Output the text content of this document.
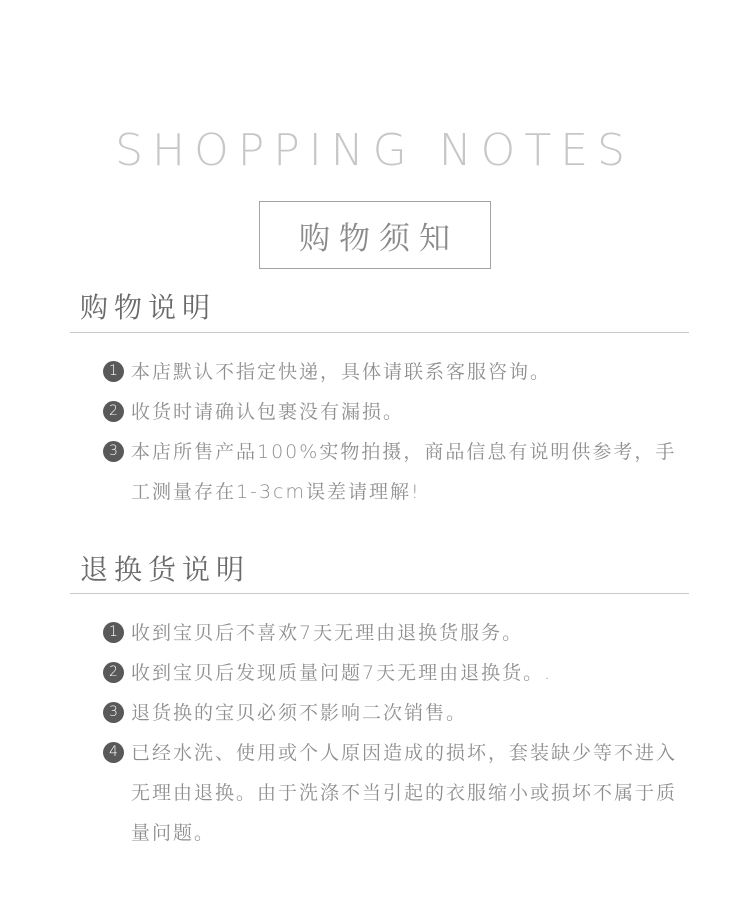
SHOPPING NOTES
购物须知
购物说明
1 本店默认不指定快递，具体请联系客服咨询。
2 收货时请确认包裹没有漏损。
3 本店所售产品100%实物拍摄，商品信息有说明供参考，手工测量存在1-3cm误差请理解!
退换货说明
1 收到宝贝后不喜欢7天无理由退换货服务。
2 收到宝贝后发现质量问题7天无理由退换货。.
3 退货换的宝贝必须不影响二次销售。
4 已经水洗、使用或个人原因造成的损坏，套装缺少等不进入无理由退换。由于洗涤不当引起的衣服缩小或损坏不属于质量问题。
